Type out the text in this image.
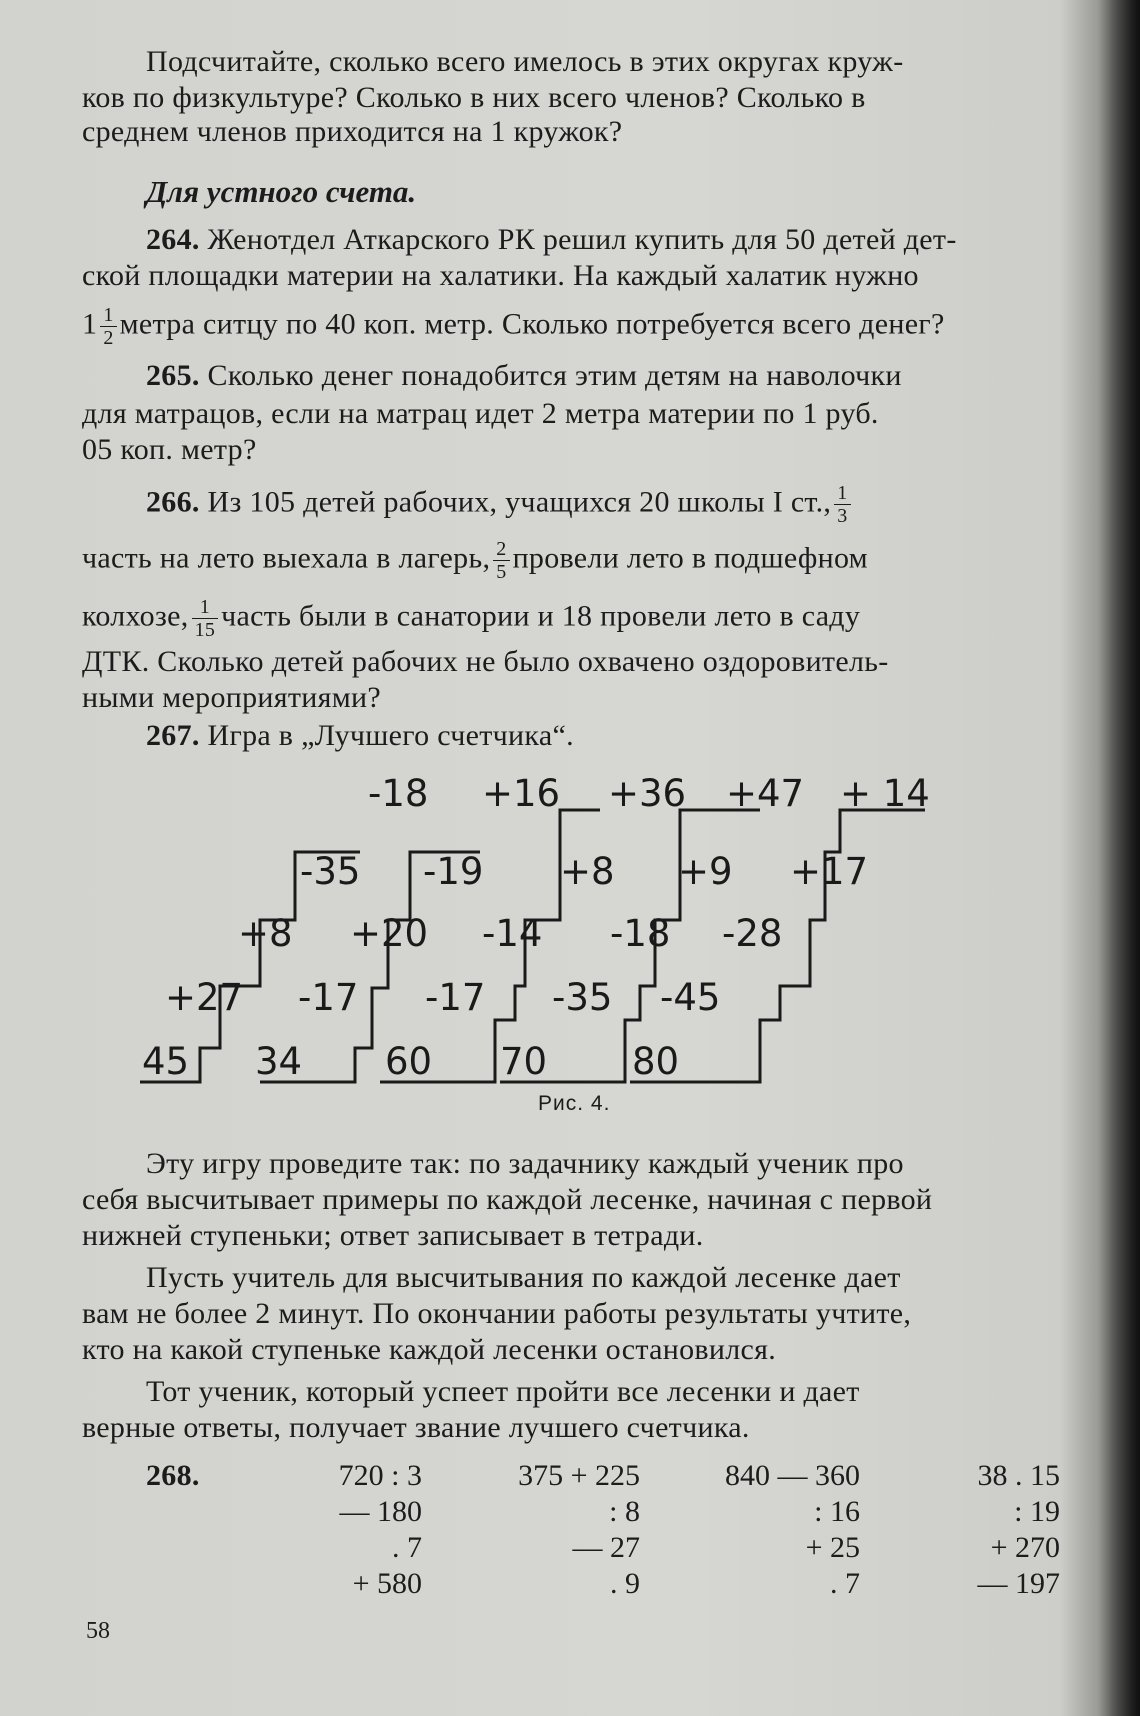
Подсчитайте, сколько всего имелось в этих округах круж-
ков по физкультуре? Сколько в них всего членов? Сколько в
среднем членов приходится на 1 кружок?
Для устного счета.
264. Женотдел Аткарского РК решил купить для 50 детей дет-
ской площадки материи на халатики. На каждый халатик нужно
$1 \frac{1}{2}$ метра ситцу по 40 коп. метр. Сколько потребуется всего денег?
265. Сколько денег понадобится этим детям на наволочки
для матрацов, если на матрац идет 2 метра материи по 1 руб.
05 коп. метр?
266. Из 105 детей рабочих, учащихся 20 школы I ст., $\frac{1}{3}$
часть на лето выехала в лагерь, $\frac{2}{5}$ провели лето в подшефном
колхозе, $\frac{1}{15}$ часть были в санатории и 18 провели лето в саду
ДТК. Сколько детей рабочих не было охвачено оздоровитель-
ными мероприятиями?
267. Игра в „Лучшего счетчика“.
45
+27
+8
-35
-18
34
-17
+20
-19
+16
60
-17
-14
+8
+36
70
-35
-18
+9
+47
80
-45
-28
+17
+ 14
Рис. 4.
Эту игру проведите так: по задачнику каждый ученик про
себя высчитывает примеры по каждой лесенке, начиная с первой
нижней ступеньки; ответ записывает в тетради.
Пусть учитель для высчитывания по каждой лесенке дает
вам не более 2 минут. По окончании работы результаты учтите,
кто на какой ступеньке каждой лесенки остановился.
Тот ученик, который успеет пройти все лесенки и дает
верные ответы, получает звание лучшего счетчика.
268.	720 : 3
— 180
. 7
+ 580
375 + 225
: 8
— 27
. 9
840 — 360
: 16
+ 25
. 7
38 . 15
: 19
+ 270
— 197
58
